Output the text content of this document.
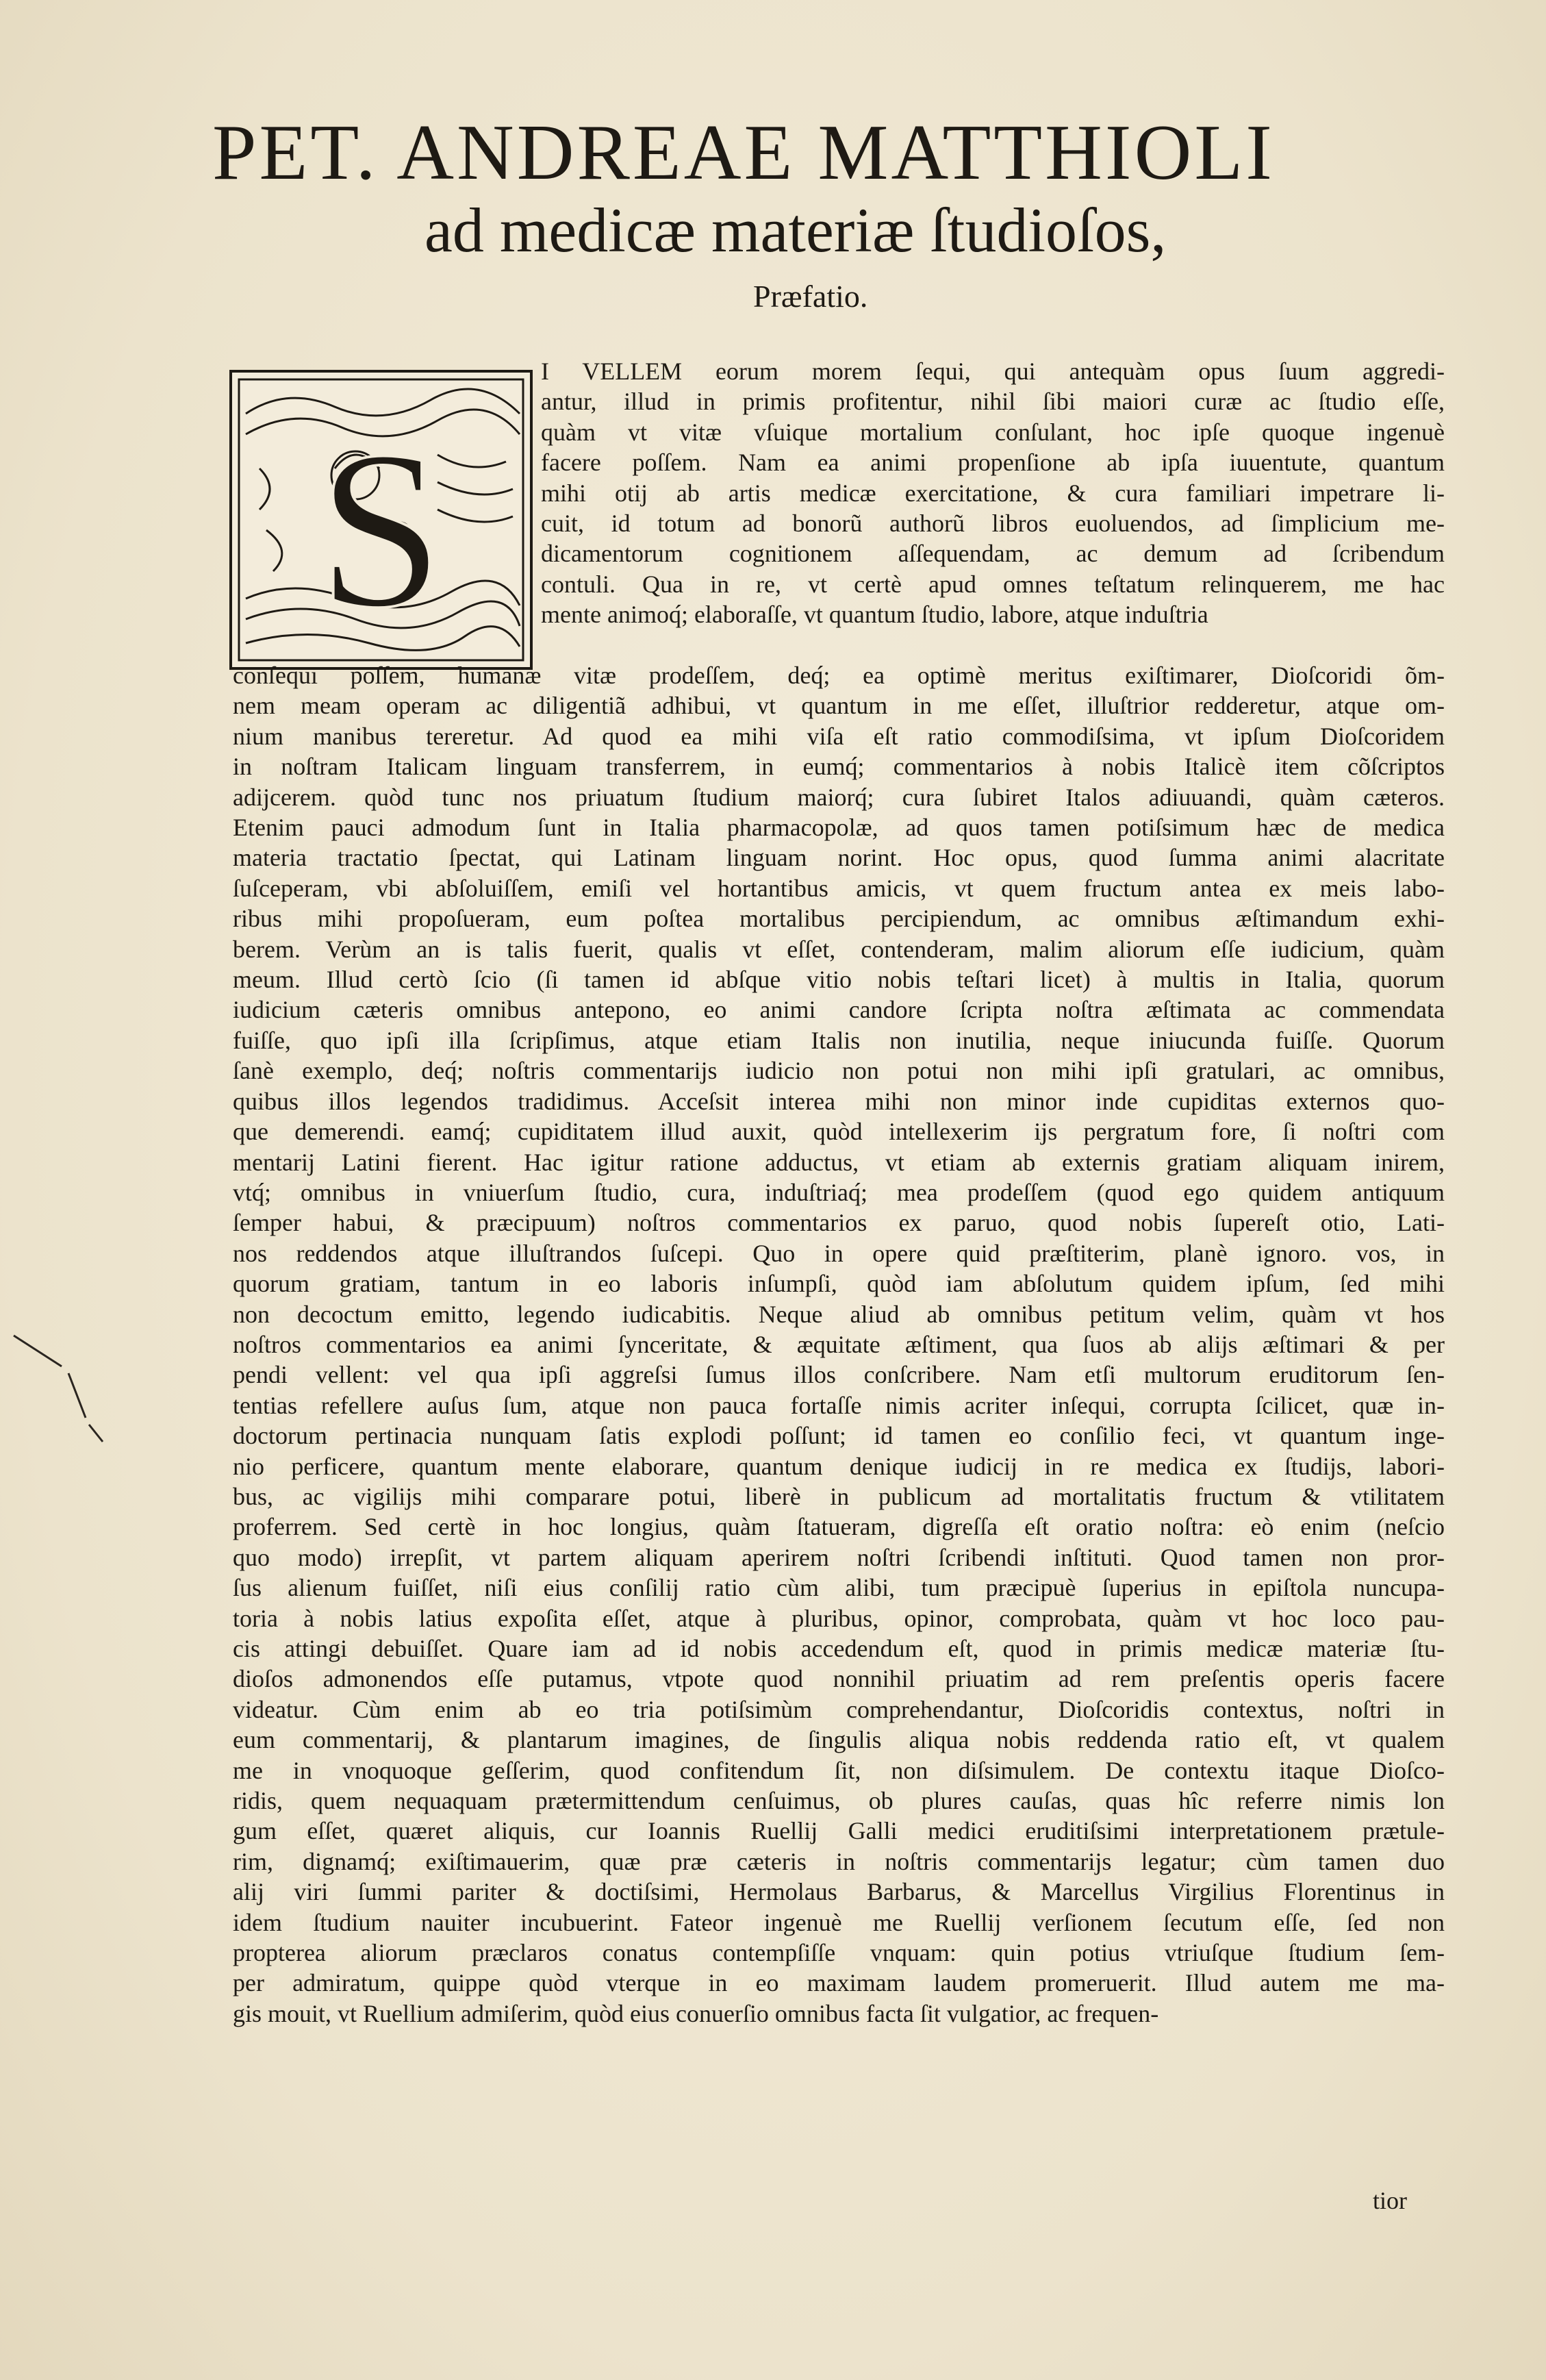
PET. ANDREAE MATTHIOLI
ad medicæ materiæ ſtudioſos,
Præfatio.
S
I VELLEM eorum morem ſequi, qui antequàm opus ſuum aggredi-
antur, illud in primis profitentur, nihil ſibi maiori curæ ac ſtudio eſſe,
quàm vt vitæ vſuique mortalium conſulant, hoc ipſe quoque ingenuè
facere poſſem. Nam ea animi propenſione ab ipſa iuuentute, quantum
mihi otij ab artis medicæ exercitatione, & cura familiari impetrare li-
cuit, id totum ad bonorũ authorũ libros euoluendos, ad ſimplicium me-
dicamentorum cognitionem aſſequendam, ac demum ad ſcribendum
contuli. Qua in re, vt certè apud omnes teſtatum relinquerem, me hac
mente animoq́; elaboraſſe, vt quantum ſtudio, labore, atque induſtria
conſequi poſſem, humanæ vitæ prodeſſem, deq́; ea optimè meritus exiſtimarer, Dioſcoridi õm-
nem meam operam ac diligentiã adhibui, vt quantum in me eſſet, illuſtrior redderetur, atque om-
nium manibus tereretur. Ad quod ea mihi viſa eſt ratio commodiſsima, vt ipſum Dioſcoridem
in noſtram Italicam linguam transferrem, in eumq́; commentarios à nobis Italicè item cõſcriptos
adijcerem. quòd tunc nos priuatum ſtudium maiorq́; cura ſubiret Italos adiuuandi, quàm cæteros.
Etenim pauci admodum ſunt in Italia pharmacopolæ, ad quos tamen potiſsimum hæc de medica
materia tractatio ſpectat, qui Latinam linguam norint. Hoc opus, quod ſumma animi alacritate
ſuſceperam, vbi abſoluiſſem, emiſi vel hortantibus amicis, vt quem fructum antea ex meis labo-
ribus mihi propoſueram, eum poſtea mortalibus percipiendum, ac omnibus æſtimandum exhi-
berem. Verùm an is talis fuerit, qualis vt eſſet, contenderam, malim aliorum eſſe iudicium, quàm
meum. Illud certò ſcio (ſi tamen id abſque vitio nobis teſtari licet) à multis in Italia, quorum
iudicium cæteris omnibus antepono, eo animi candore ſcripta noſtra æſtimata ac commendata
fuiſſe, quo ipſi illa ſcripſimus, atque etiam Italis non inutilia, neque iniucunda fuiſſe. Quorum
ſanè exemplo, deq́; noſtris commentarijs iudicio non potui non mihi ipſi gratulari, ac omnibus,
quibus illos legendos tradidimus. Acceſsit interea mihi non minor inde cupiditas externos quo-
que demerendi. eamq́; cupiditatem illud auxit, quòd intellexerim ijs pergratum fore, ſi noſtri com
mentarij Latini fierent. Hac igitur ratione adductus, vt etiam ab externis gratiam aliquam inirem,
vtq́; omnibus in vniuerſum ſtudio, cura, induſtriaq́; mea prodeſſem (quod ego quidem antiquum
ſemper habui, & præcipuum) noſtros commentarios ex paruo, quod nobis ſupereſt otio, Lati-
nos reddendos atque illuſtrandos ſuſcepi. Quo in opere quid præſtiterim, planè ignoro. vos, in
quorum gratiam, tantum in eo laboris inſumpſi, quòd iam abſolutum quidem ipſum, ſed mihi
non decoctum emitto, legendo iudicabitis. Neque aliud ab omnibus petitum velim, quàm vt hos
noſtros commentarios ea animi ſynceritate, & æquitate æſtiment, qua ſuos ab alijs æſtimari & per
pendi vellent: vel qua ipſi aggreſsi ſumus illos conſcribere. Nam etſi multorum eruditorum ſen-
tentias refellere auſus ſum, atque non pauca fortaſſe nimis acriter inſequi, corrupta ſcilicet, quæ in-
doctorum pertinacia nunquam ſatis explodi poſſunt; id tamen eo conſilio feci, vt quantum inge-
nio perficere, quantum mente elaborare, quantum denique iudicij in re medica ex ſtudijs, labori-
bus, ac vigilijs mihi comparare potui, liberè in publicum ad mortalitatis fructum & vtilitatem
proferrem. Sed certè in hoc longius, quàm ſtatueram, digreſſa eſt oratio noſtra: eò enim (neſcio
quo modo) irrepſit, vt partem aliquam aperirem noſtri ſcribendi inſtituti. Quod tamen non pror-
ſus alienum fuiſſet, niſi eius conſilij ratio cùm alibi, tum præcipuè ſuperius in epiſtola nuncupa-
toria à nobis latius expoſita eſſet, atque à pluribus, opinor, comprobata, quàm vt hoc loco pau-
cis attingi debuiſſet. Quare iam ad id nobis accedendum eſt, quod in primis medicæ materiæ ſtu-
dioſos admonendos eſſe putamus, vtpote quod nonnihil priuatim ad rem preſentis operis facere
videatur. Cùm enim ab eo tria potiſsimùm comprehendantur, Dioſcoridis contextus, noſtri in
eum commentarij, & plantarum imagines, de ſingulis aliqua nobis reddenda ratio eſt, vt qualem
me in vnoquoque geſſerim, quod confitendum ſit, non diſsimulem. De contextu itaque Dioſco-
ridis, quem nequaquam prætermittendum cenſuimus, ob plures cauſas, quas hîc referre nimis lon
gum eſſet, quæret aliquis, cur Ioannis Ruellij Galli medici eruditiſsimi interpretationem prætule-
rim, dignamq́; exiſtimauerim, quæ præ cæteris in noſtris commentarijs legatur; cùm tamen duo
alij viri ſummi pariter & doctiſsimi, Hermolaus Barbarus, & Marcellus Virgilius Florentinus in
idem ſtudium nauiter incubuerint. Fateor ingenuè me Ruellij verſionem ſecutum eſſe, ſed non
propterea aliorum præclaros conatus contempſiſſe vnquam: quin potius vtriuſque ſtudium ſem-
per admiratum, quippe quòd vterque in eo maximam laudem promeruerit. Illud autem me ma-
gis mouit, vt Ruellium admiſerim, quòd eius conuerſio omnibus facta ſit vulgatior, ac frequen-
tior
